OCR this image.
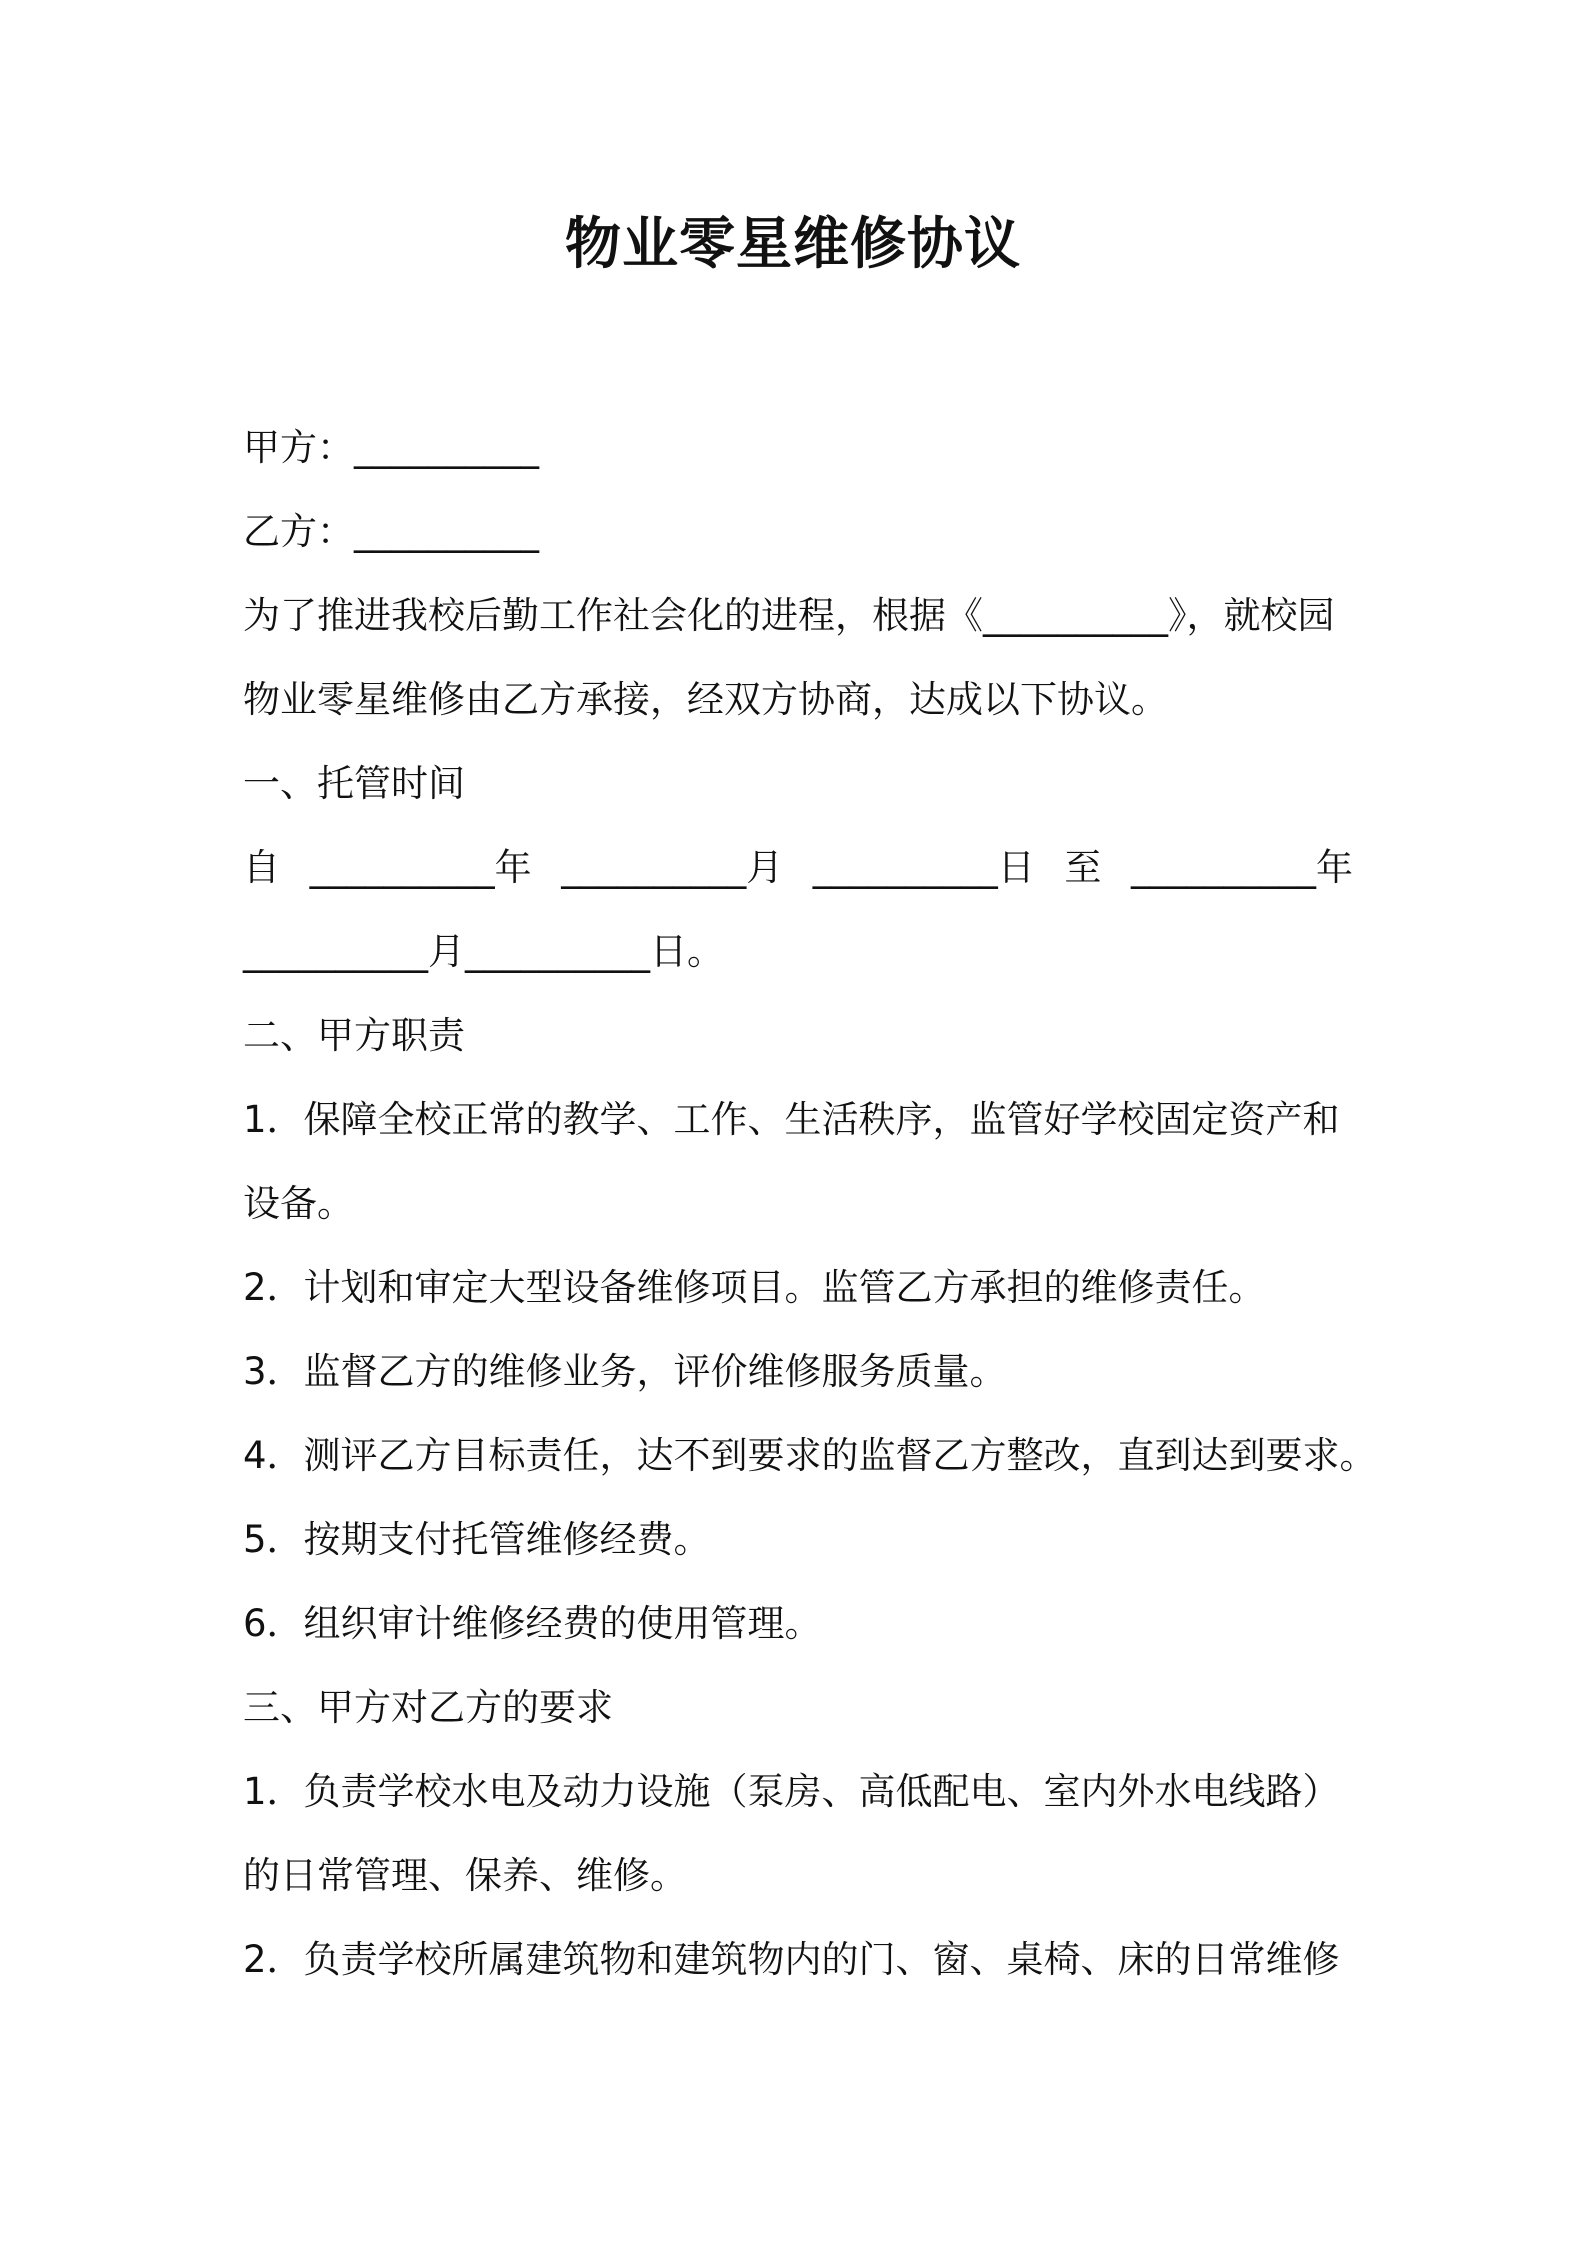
物业零星维修协议
甲方：__________
乙方：__________
为了推进我校后勤工作社会化的进程，根据《__________》，就校园
物业零星维修由乙方承接，经双方协商，达成以下协议。
一、托管时间
自 __________年 __________月 __________日 至 __________年
__________月__________日。
二、甲方职责
1．保障全校正常的教学、工作、生活秩序，监管好学校固定资产和
设备。
2．计划和审定大型设备维修项目。监管乙方承担的维修责任。
3．监督乙方的维修业务，评价维修服务质量。
4．测评乙方目标责任，达不到要求的监督乙方整改，直到达到要求。
5．按期支付托管维修经费。
6．组织审计维修经费的使用管理。
三、甲方对乙方的要求
1．负责学校水电及动力设施（泵房、高低配电、室内外水电线路）
的日常管理、保养、维修。
2．负责学校所属建筑物和建筑物内的门、窗、桌椅、床的日常维修
